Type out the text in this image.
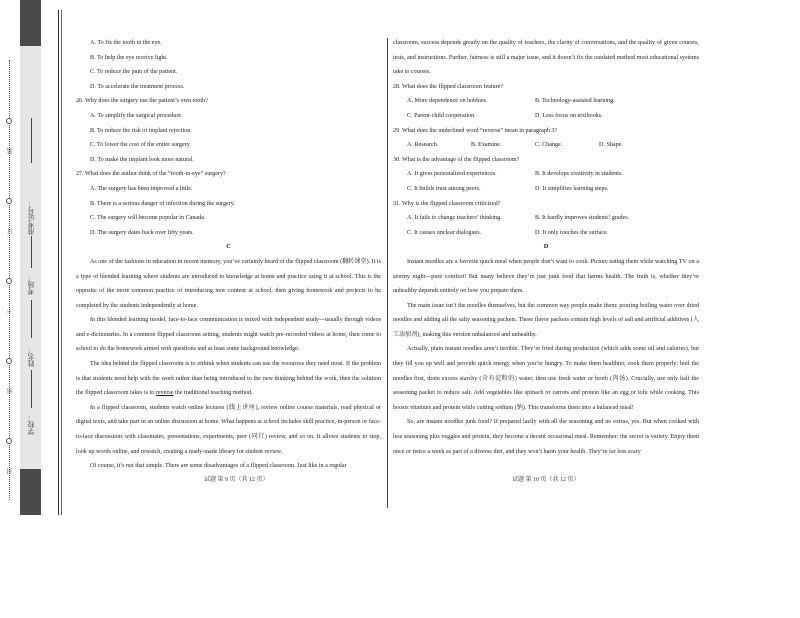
装
订
不
密
封
准考证号：
考场：
姓名：
学校：
A. To fix the tooth in the eye.
B. To help the eye receive light.
C. To reduce the pain of the patient.
D. To accelerate the treatment process.
26. Why does the surgery use the patient’s own tooth?
A. To simplify the surgical procedure.
B. To reduce the risk of implant rejection.
C. To lower the cost of the entire surgery.
D. To make the implant look more natural.
27. What does the author think of the “tooth-in-eye” surgery?
A. The surgery has been improved a little.
B. There is a serious danger of infection during the surgery.
C. The surgery will become popular in Canada.
D. The surgery dates back over fifty years.
C

As one of the fashions in education in recent memory, you’ve certainly heard of the flipped classroom (翻转课堂). It is a type of blended learning where students are introduced to knowledge at home and practice using it at school. This is the opposite of the more common practice of introducing new content at school, then giving homework and projects to be completed by the students independently at home.

In this blended learning model, face-to-face communication is mixed with independent study—usually through videos and e-dictionaries. In a common flipped classroom setting, students might watch pre-recorded videos at home, then come to school to do the homework armed with questions and at least some background knowledge.

The idea behind the flipped classroom is to rethink when students can use the resources they need most. If the problem is that students need help with the work rather than being introduced to the new thinking behind the work, then the solution the flipped classroom takes is to reverse the traditional teaching method.

In a flipped classroom, students watch online lectures (线上讲座), review online course materials, read physical or digital texts, and take part in an online discussion at home. What happens at school includes skill practice, in-person or face-to-face discussions with classmates, presentations, experiments, peer (同行) review, and so on. It allows students to stop, look up words online, and rewatch, creating a ready-made library for student review.

Of course, it’s not that simple. There are some disadvantages of a flipped classroom. Just like in a regular

classroom, success depends greatly on the quality of teachers, the clarity of conversations, and the quality of given courses, tests, and instructions. Further, fairness is still a major issue, and it doesn’t fix the outdated method most educational systems take to courses.

28. What does the flipped classroom feature?
A. More dependence on hobbies.	B. Technology-assisted learning.
C. Parent-child cooperation.	D. Less focus on textbooks.
29. What does the underlined word “reverse” mean in paragraph 3?
A. Research.	B. Examine.	C. Change.	D. Shape.
30. What is the advantage of the flipped classroom?
A. It gives personalized experiences.	B. It develops creativity in students.
C. It builds trust among peers.	D. It simplifies learning steps.
31. Why is the flipped classroom criticized?
A. It fails to change teachers’ thinking.	B. It hardly improves students’ grades.
C. It causes unclear dialogues.	D. It only touches the surface.
D

Instant noodles are a favorite quick meal when people don’t want to cook. Picture eating them while watching TV on a stormy night—pure comfort! But many believe they’re just junk food that harms health. The truth is, whether they’re unhealthy depends entirely on how you prepare them.

The main issue isn’t the noodles themselves, but the common way people make them: pouring boiling water over dried noodles and adding all the salty seasoning packets. These flavor packets contain high levels of salt and artificial additives (人工添加剂), making this version unbalanced and unhealthy.

Actually, plain instant noodles aren’t terrible. They’re fried during production (which adds some oil and calories), but they fill you up well and provide quick energy when you’re hungry. To make them healthier, cook them properly: boil the noodles first, drain excess starchy (含有淀粉的) water, then use fresh water or broth (肉汤). Crucially, use only half the seasoning packet to reduce salt. Add vegetables like spinach or carrots and protein like an egg or tofu while cooking. This boosts vitamins and protein while cutting sodium (钠). This transforms them into a balanced meal!

So, are instant noodles junk food? If prepared lazily with all the seasoning and no extras, yes. But when cooked with less seasoning plus veggies and protein, they become a decent occasional meal. Remember: the secret is variety. Enjoy them once or twice a week as part of a diverse diet, and they won’t harm your health. They’re far less scary

试题 第 9 页（共 12 页）	试题 第 10 页（共 12 页）
